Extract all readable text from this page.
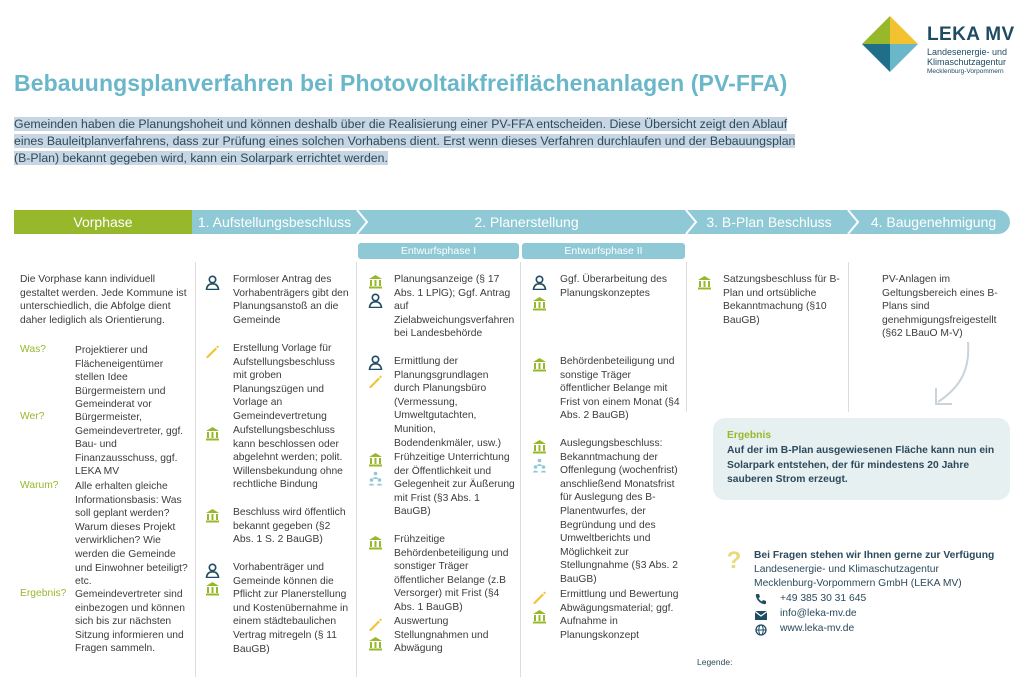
LEKA MV
Landesenergie- und
Klimaschutzagentur
Mecklenburg-Vorpommern
Bebauungsplanverfahren bei Photovoltaikfreiflächenanlagen (PV-FFA)
Gemeinden haben die Planungshoheit und können deshalb über die Realisierung einer PV-FFA entscheiden. Diese Übersicht zeigt den Ablauf eines Bauleitplanverfahrens, dass zur Prüfung eines solchen Vorhabens dient. Erst wenn dieses Verfahren durchlaufen und der Bebauungsplan (B-Plan) bekannt gegeben wird, kann ein Solarpark errichtet werden.
Vorphase	1. Aufstellungsbeschluss	2. Planerstellung	3. B-Plan Beschluss	4. Baugenehmigung
Entwurfsphase I	Entwurfsphase II
Die Vorphase kann individuell gestaltet werden. Jede Kommune ist unterschiedlich, die Abfolge dient daher lediglich als Orientierung.
Was?	Projektierer und Flächeneigentümer stellen Idee Bürgermeistern und Gemeinderat vor
Wer?	Bürgermeister, Gemeindevertreter, ggf. Bau- und Finanzausschuss, ggf. LEKA MV
Warum? Alle erhalten gleiche Informationsbasis: Was soll geplant werden? Warum dieses Projekt verwirklichen? Wie werden die Gemeinde und Einwohner beteiligt? etc.
Ergebnis? Gemeindevertreter sind einbezogen und können sich bis zur nächsten Sitzung informieren und Fragen sammeln.
Formloser Antrag des Vorhabenträgers gibt den Planungsanstoß an die Gemeinde
Erstellung Vorlage für Aufstellungsbeschluss mit groben Planungszügen und Vorlage an Gemeindevertretung
Aufstellungsbeschluss kann beschlossen oder abgelehnt werden; polit. Willensbekundung ohne rechtliche Bindung
Beschluss wird öffentlich bekannt gegeben (§2 Abs. 1 S. 2 BauGB)
Vorhabenträger und Gemeinde können die Pflicht zur Planerstellung und Kostenübernahme in einem städtebaulichen Vertrag mitregeln (§ 11 BauGB)
Planungsanzeige (§ 17 Abs. 1 LPlG); Ggf. Antrag auf Zielabweichungsverfahren bei Landesbehörde
Ermittlung der Planungsgrundlagen durch Planungsbüro (Vermessung, Umweltgutachten, Munition, Bodendenkmäler, usw.)
Frühzeitige Unterrichtung der Öffentlichkeit und Gelegenheit zur Äußerung mit Frist (§3 Abs. 1 BauGB)
Frühzeitige Behördenbeteiligung und sonstiger Träger öffentlicher Belange (z.B Versorger) mit Frist (§4 Abs. 1 BauGB)
Auswertung Stellungnahmen und Abwägung
Ggf. Überarbeitung des Planungskonzeptes
Behördenbeteiligung und sonstige Träger öffentlicher Belange mit Frist von einem Monat (§4 Abs. 2 BauGB)
Auslegungsbeschluss: Bekanntmachung der Offenlegung (wochenfrist) anschließend Monatsfrist für Auslegung des B-Planentwurfes, der Begründung und des Umweltberichts und Möglichkeit zur Stellungnahme (§3 Abs. 2 BauGB)
Ermittlung und Bewertung Abwägungsmaterial; ggf. Aufnahme in Planungskonzept
Satzungsbeschluss für B-Plan und ortsübliche Bekanntmachung (§10 BauGB)
PV-Anlagen im Geltungsbereich eines B-Plans sind genehmigungsfreigestellt (§62 LBauO M-V)
Ergebnis
Auf der im B-Plan ausgewiesenen Fläche kann nun ein Solarpark entstehen, der für mindestens 20 Jahre sauberen Strom erzeugt.
? Bei Fragen stehen wir Ihnen gerne zur Verfügung
Landesenergie- und Klimaschutzagentur
Mecklenburg-Vorpommern GmbH (LEKA MV)
+49 385 30 31 645
info@leka-mv.de
www.leka-mv.de
Legende:
